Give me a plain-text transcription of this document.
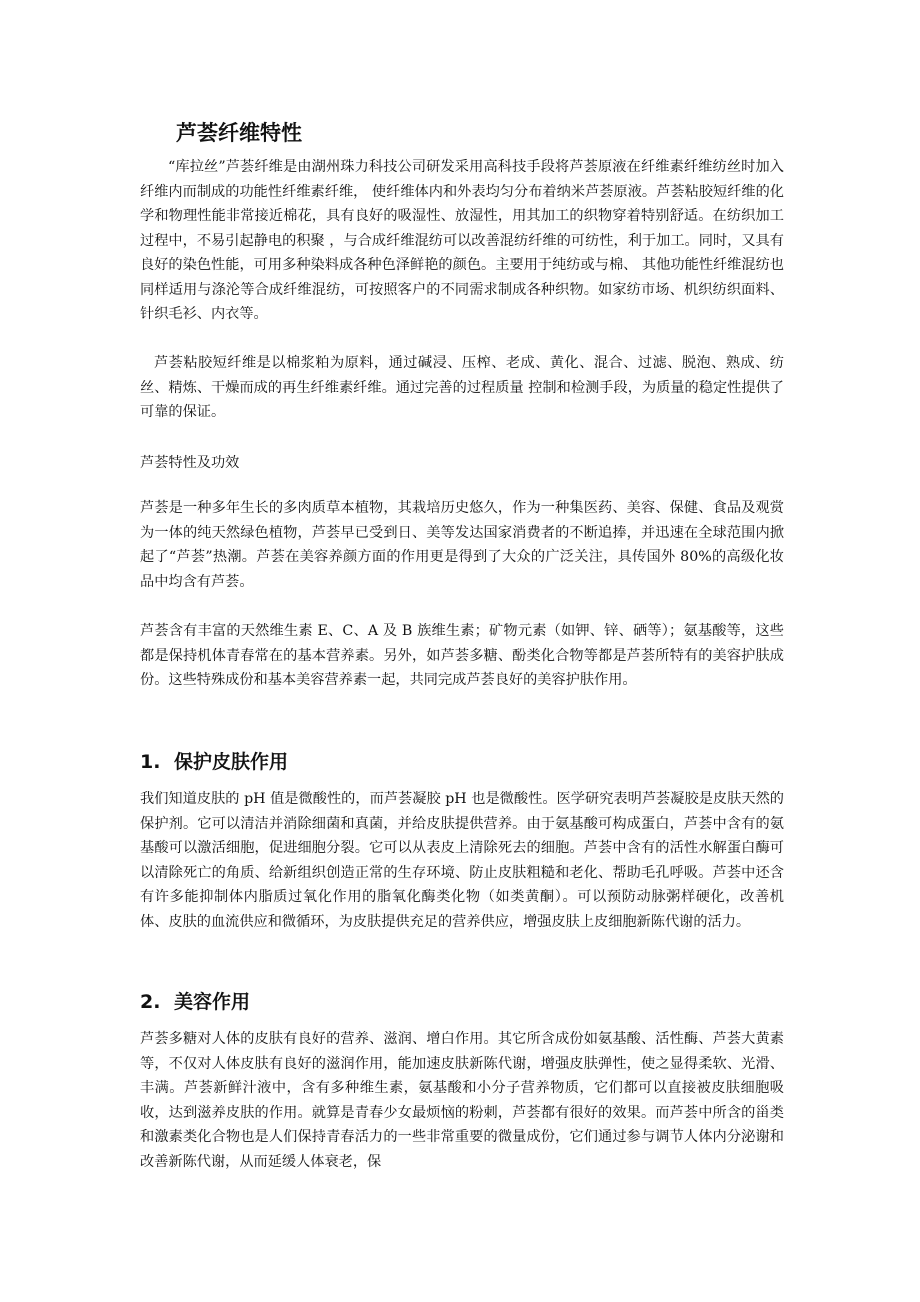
芦荟纤维特性

“库拉丝”芦荟纤维是由湖州珠力科技公司研发采用高科技手段将芦荟原液在纤维素纤维纺丝时加入纤维内而制成的功能性纤维素纤维， 使纤维体内和外表均匀分布着纳米芦荟原液。芦荟粘胶短纤维的化学和物理性能非常接近棉花，具有良好的吸湿性、放湿性，用其加工的织物穿着特别舒适。在纺织加工过程中，不易引起静电的积聚 ，与合成纤维混纺可以改善混纺纤维的可纺性，利于加工。同时，又具有良好的染色性能，可用多种染料成各种色泽鲜艳的颜色。主要用于纯纺或与棉、 其他功能性纤维混纺也同样适用与涤沦等合成纤维混纺，可按照客户的不同需求制成各种织物。如家纺市场、机织纺织面料、针织毛衫、内衣等。

芦荟粘胶短纤维是以棉浆粕为原料，通过碱浸、压榨、老成、黄化、混合、过滤、脱泡、熟成、纺丝、精炼、干燥而成的再生纤维素纤维。通过完善的过程质量 控制和检测手段，为质量的稳定性提供了可靠的保证。

芦荟特性及功效

芦荟是一种多年生长的多肉质草本植物，其栽培历史悠久，作为一种集医药、美容、保健、食品及观赏为一体的纯天然绿色植物，芦荟早已受到日、美等发达国家消费者的不断追捧，并迅速在全球范围内掀起了“芦荟”热潮。芦荟在美容养颜方面的作用更是得到了大众的广泛关注，具传国外 80%的高级化妆品中均含有芦荟。

芦荟含有丰富的天然维生素 E、C、A 及 B 族维生素；矿物元素（如钾、锌、硒等）；氨基酸等，这些都是保持机体青春常在的基本营养素。另外，如芦荟多糖、酚类化合物等都是芦荟所特有的美容护肤成份。这些特殊成份和基本美容营养素一起，共同完成芦荟良好的美容护肤作用。

1. 保护皮肤作用

我们知道皮肤的 pH 值是微酸性的，而芦荟凝胶 pH 也是微酸性。医学研究表明芦荟凝胶是皮肤天然的保护剂。它可以清洁并消除细菌和真菌，并给皮肤提供营养。由于氨基酸可构成蛋白，芦荟中含有的氨基酸可以激活细胞，促进细胞分裂。它可以从表皮上清除死去的细胞。芦荟中含有的活性水解蛋白酶可以清除死亡的角质、给新组织创造正常的生存环境、防止皮肤粗糙和老化、帮助毛孔呼吸。芦荟中还含有许多能抑制体内脂质过氧化作用的脂氧化酶类化物（如类黄酮）。可以预防动脉粥样硬化，改善机体、皮肤的血流供应和微循环，为皮肤提供充足的营养供应，增强皮肤上皮细胞新陈代谢的活力。

2. 美容作用

芦荟多糖对人体的皮肤有良好的营养、滋润、增白作用。其它所含成份如氨基酸、活性酶、芦荟大黄素等，不仅对人体皮肤有良好的滋润作用，能加速皮肤新陈代谢，增强皮肤弹性，使之显得柔软、光滑、丰满。芦荟新鲜汁液中，含有多种维生素，氨基酸和小分子营养物质，它们都可以直接被皮肤细胞吸收，达到滋养皮肤的作用。就算是青春少女最烦恼的粉刺，芦荟都有很好的效果。而芦荟中所含的甾类和激素类化合物也是人们保持青春活力的一些非常重要的微量成份，它们通过参与调节人体内分泌谢和改善新陈代谢，从而延缓人体衰老，保
